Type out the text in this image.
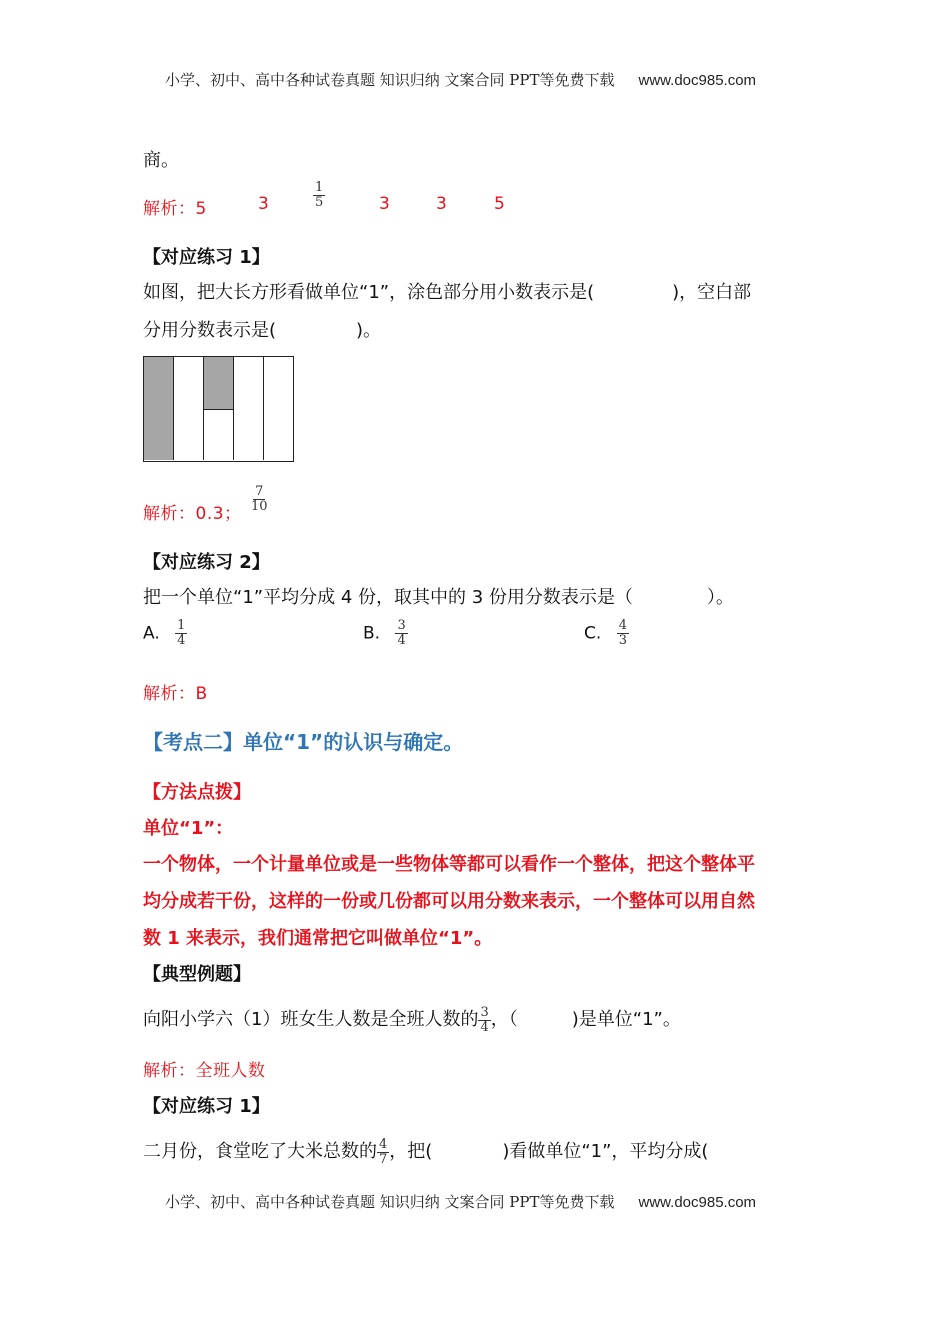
小学、初中、高中各种试卷真题 知识归纳 文案合同 PPT等免费下载 www.doc985.com
商。
解析：5	3	$\frac{1}{5}$	3	3	5
【对应练习 1】
如图，把大长方形看做单位“1”，涂色部分用小数表示是(	)，空白部
分用分数表示是(	)。
解析：0.3； $\frac{7}{10}$
【对应练习 2】
把一个单位“1”平均分成 4 份，取其中的 3 份用分数表示是（	）。
A. $\frac{1}{4}$	B. $\frac{3}{4}$	C. $\frac{4}{3}$
解析：B
【考点二】单位“1”的认识与确定。
【方法点拨】
单位“1”：
一个物体，一个计量单位或是一些物体等都可以看作一个整体，把这个整体平
均分成若干份，这样的一份或几份都可以用分数来表示，一个整体可以用自然
数 1 来表示，我们通常把它叫做单位“1”。
【典型例题】
向阳小学六（1）班女生人数是全班人数的 $\frac{3}{4}$ ，（	)是单位“1”。
解析：全班人数
【对应练习 1】
二月份，食堂吃了大米总数的 $\frac{4}{7}$ ，把(	)看做单位“1”，平均分成(
小学、初中、高中各种试卷真题 知识归纳 文案合同 PPT等免费下载 www.doc985.com
